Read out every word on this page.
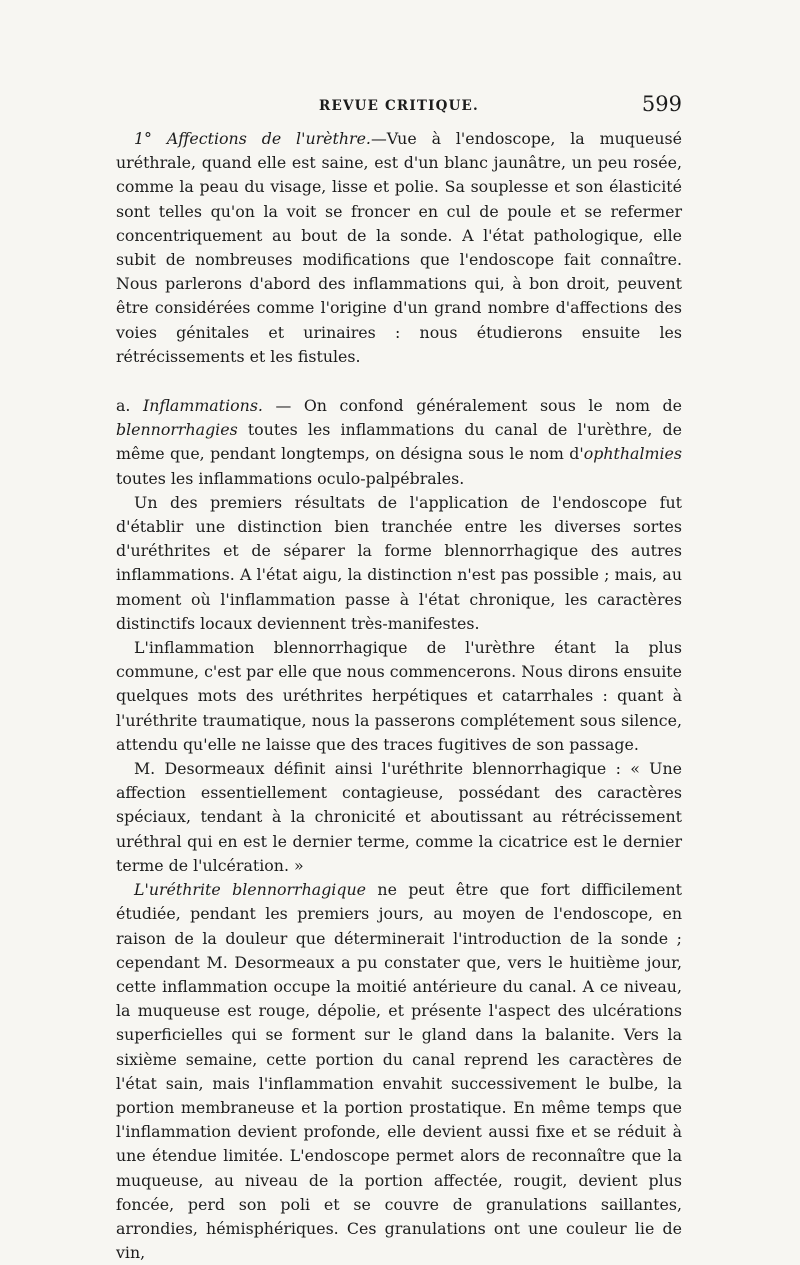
REVUE CRITIQUE.	599

1° Affections de l'urèthre.—Vue à l'endoscope, la muqueusé uréthrale, quand elle est saine, est d'un blanc jaunâtre, un peu rosée, comme la peau du visage, lisse et polie. Sa souplesse et son élasticité sont telles qu'on la voit se froncer en cul de poule et se refermer concentriquement au bout de la sonde. A l'état pathologique, elle subit de nombreuses modifications que l'endoscope fait connaître. Nous parlerons d'abord des inflammations qui, à bon droit, peuvent être considérées comme l'origine d'un grand nombre d'affections des voies génitales et urinaires : nous étudierons ensuite les rétrécissements et les fistules.

a. Inflammations. — On confond généralement sous le nom de blennorrhagies toutes les inflammations du canal de l'urèthre, de même que, pendant longtemps, on désigna sous le nom d'ophthalmies toutes les inflammations oculo-palpébrales.

Un des premiers résultats de l'application de l'endoscope fut d'établir une distinction bien tranchée entre les diverses sortes d'uréthrites et de séparer la forme blennorrhagique des autres inflammations. A l'état aigu, la distinction n'est pas possible ; mais, au moment où l'inflammation passe à l'état chronique, les caractères distinctifs locaux deviennent très-manifestes.

L'inflammation blennorrhagique de l'urèthre étant la plus commune, c'est par elle que nous commencerons. Nous dirons ensuite quelques mots des uréthrites herpétiques et catarrhales : quant à l'uréthrite traumatique, nous la passerons complétement sous silence, attendu qu'elle ne laisse que des traces fugitives de son passage.

M. Desormeaux définit ainsi l'uréthrite blennorrhagique : « Une affection essentiellement contagieuse, possédant des caractères spéciaux, tendant à la chronicité et aboutissant au rétrécissement uréthral qui en est le dernier terme, comme la cicatrice est le dernier terme de l'ulcération. »

L'uréthrite blennorrhagique ne peut être que fort difficilement étudiée, pendant les premiers jours, au moyen de l'endoscope, en raison de la douleur que déterminerait l'introduction de la sonde ; cependant M. Desormeaux a pu constater que, vers le huitième jour, cette inflammation occupe la moitié antérieure du canal. A ce niveau, la muqueuse est rouge, dépolie, et présente l'aspect des ulcérations superficielles qui se forment sur le gland dans la balanite. Vers la sixième semaine, cette portion du canal reprend les caractères de l'état sain, mais l'inflammation envahit successivement le bulbe, la portion membraneuse et la portion prostatique. En même temps que l'inflammation devient profonde, elle devient aussi fixe et se réduit à une étendue limitée. L'endoscope permet alors de reconnaître que la muqueuse, au niveau de la portion affectée, rougit, devient plus foncée, perd son poli et se couvre de granulations saillantes, arrondies, hémisphériques. Ces granulations ont une couleur lie de vin,
